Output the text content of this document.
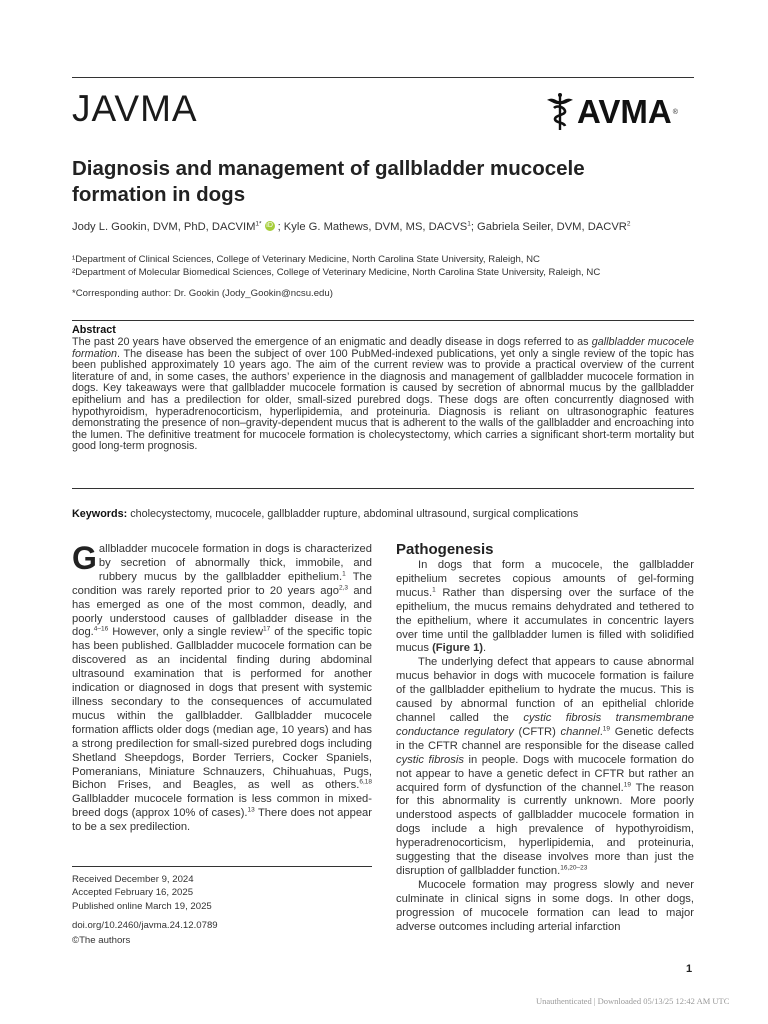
JAVMA	AVMA ®
Diagnosis and management of gallbladder mucocele formation in dogs
Jody L. Gookin, DVM, PhD, $DACVIM^{1*}$ iD ; Kyle G. Mathews, DVM, MS, DACVS$^1$; Gabriela Seiler, DVM, DACVR$^2$
¹Department of Clinical Sciences, College of Veterinary Medicine, North Carolina State University, Raleigh, NC
²Department of Molecular Biomedical Sciences, College of Veterinary Medicine, North Carolina State University, Raleigh, NC
*Corresponding author: Dr. Gookin (Jody_Gookin@ncsu.edu)
Abstract
The past 20 years have observed the emergence of an enigmatic and deadly disease in dogs referred to as gallbladder mucocele formation. The disease has been the subject of over 100 PubMed-indexed publications, yet only a single review of the topic has been published approximately 10 years ago. The aim of the current review was to provide a practical overview of the current literature of and, in some cases, the authors’ experience in the diagnosis and management of gallbladder mucocele formation in dogs. Key takeaways were that gallbladder mucocele formation is caused by secretion of abnormal mucus by the gallbladder epithelium and has a predilection for older, small-sized purebred dogs. These dogs are often concurrently diagnosed with hypothyroidism, hyperadrenocorticism, hyperlipidemia, and proteinuria. Diagnosis is reliant on ultrasonographic features demonstrating the presence of non–gravity-dependent mucus that is adherent to the walls of the gallbladder and encroaching into the lumen. The definitive treatment for mucocele formation is cholecystectomy, which carries a significant short-term mortality but good long-term prognosis.
Keywords: cholecystectomy, mucocele, gallbladder rupture, abdominal ultrasound, surgical complications

Gallbladder mucocele formation in dogs is characterized by secretion of abnormally thick, immobile, and rubbery mucus by the gallbladder epithelium.$^1$ The condition was rarely reported prior to 20 years ago$^{2,3}$ and has emerged as one of the most common, deadly, and poorly understood causes of gallbladder disease in the dog.$^{4-16}$ However, only a single review$^{17}$ of the specific topic has been published. Gallbladder mucocele formation can be discovered as an incidental finding during abdominal ultrasound examination that is performed for another indication or diagnosed in dogs that present with systemic illness secondary to the consequences of accumulated mucus within the gallbladder. Gallbladder mucocele formation afflicts older dogs (median age, 10 years) and has a strong predilection for small-sized purebred dogs including Shetland Sheepdogs, Border Terriers, Cocker Spaniels, Pomeranians, Miniature Schnauzers, Chihuahuas, Pugs, Bichon Frises, and Beagles, as well as others.$^{6,18}$ Gallbladder mucocele formation is less common in mixed-breed dogs (approx 10% of cases).$^{13}$ There does not appear to be a sex predilection.

Received December 9, 2024
Accepted February 16, 2025
Published online March 19, 2025
doi.org/10.2460/javma.24.12.0789
©The authors
Pathogenesis

In dogs that form a mucocele, the gallbladder epithelium secretes copious amounts of gel-forming mucus.$^1$ Rather than dispersing over the surface of the epithelium, the mucus remains dehydrated and tethered to the epithelium, where it accumulates in concentric layers over time until the gallbladder lumen is filled with solidified mucus (Figure 1).

The underlying defect that appears to cause abnormal mucus behavior in dogs with mucocele formation is failure of the gallbladder epithelium to hydrate the mucus. This is caused by abnormal function of an epithelial chloride channel called the cystic fibrosis transmembrane conductance regulatory (CFTR) channel.$^{19}$ Genetic defects in the CFTR channel are responsible for the disease called cystic fibrosis in people. Dogs with mucocele formation do not appear to have a genetic defect in CFTR but rather an acquired form of dysfunction of the channel.$^{19}$ The reason for this abnormality is currently unknown. More poorly understood aspects of gallbladder mucocele formation in dogs include a high prevalence of hypothyroidism, hyperadrenocorticism, hyperlipidemia, and proteinuria, suggesting that the disease involves more than just the disruption of gallbladder function.$^{16,20-23}$

Mucocele formation may progress slowly and never culminate in clinical signs in some dogs. In other dogs, progression of mucocele formation can lead to major adverse outcomes including arterial infarction

1
Unauthenticated | Downloaded 05/13/25 12:42 AM UTC
